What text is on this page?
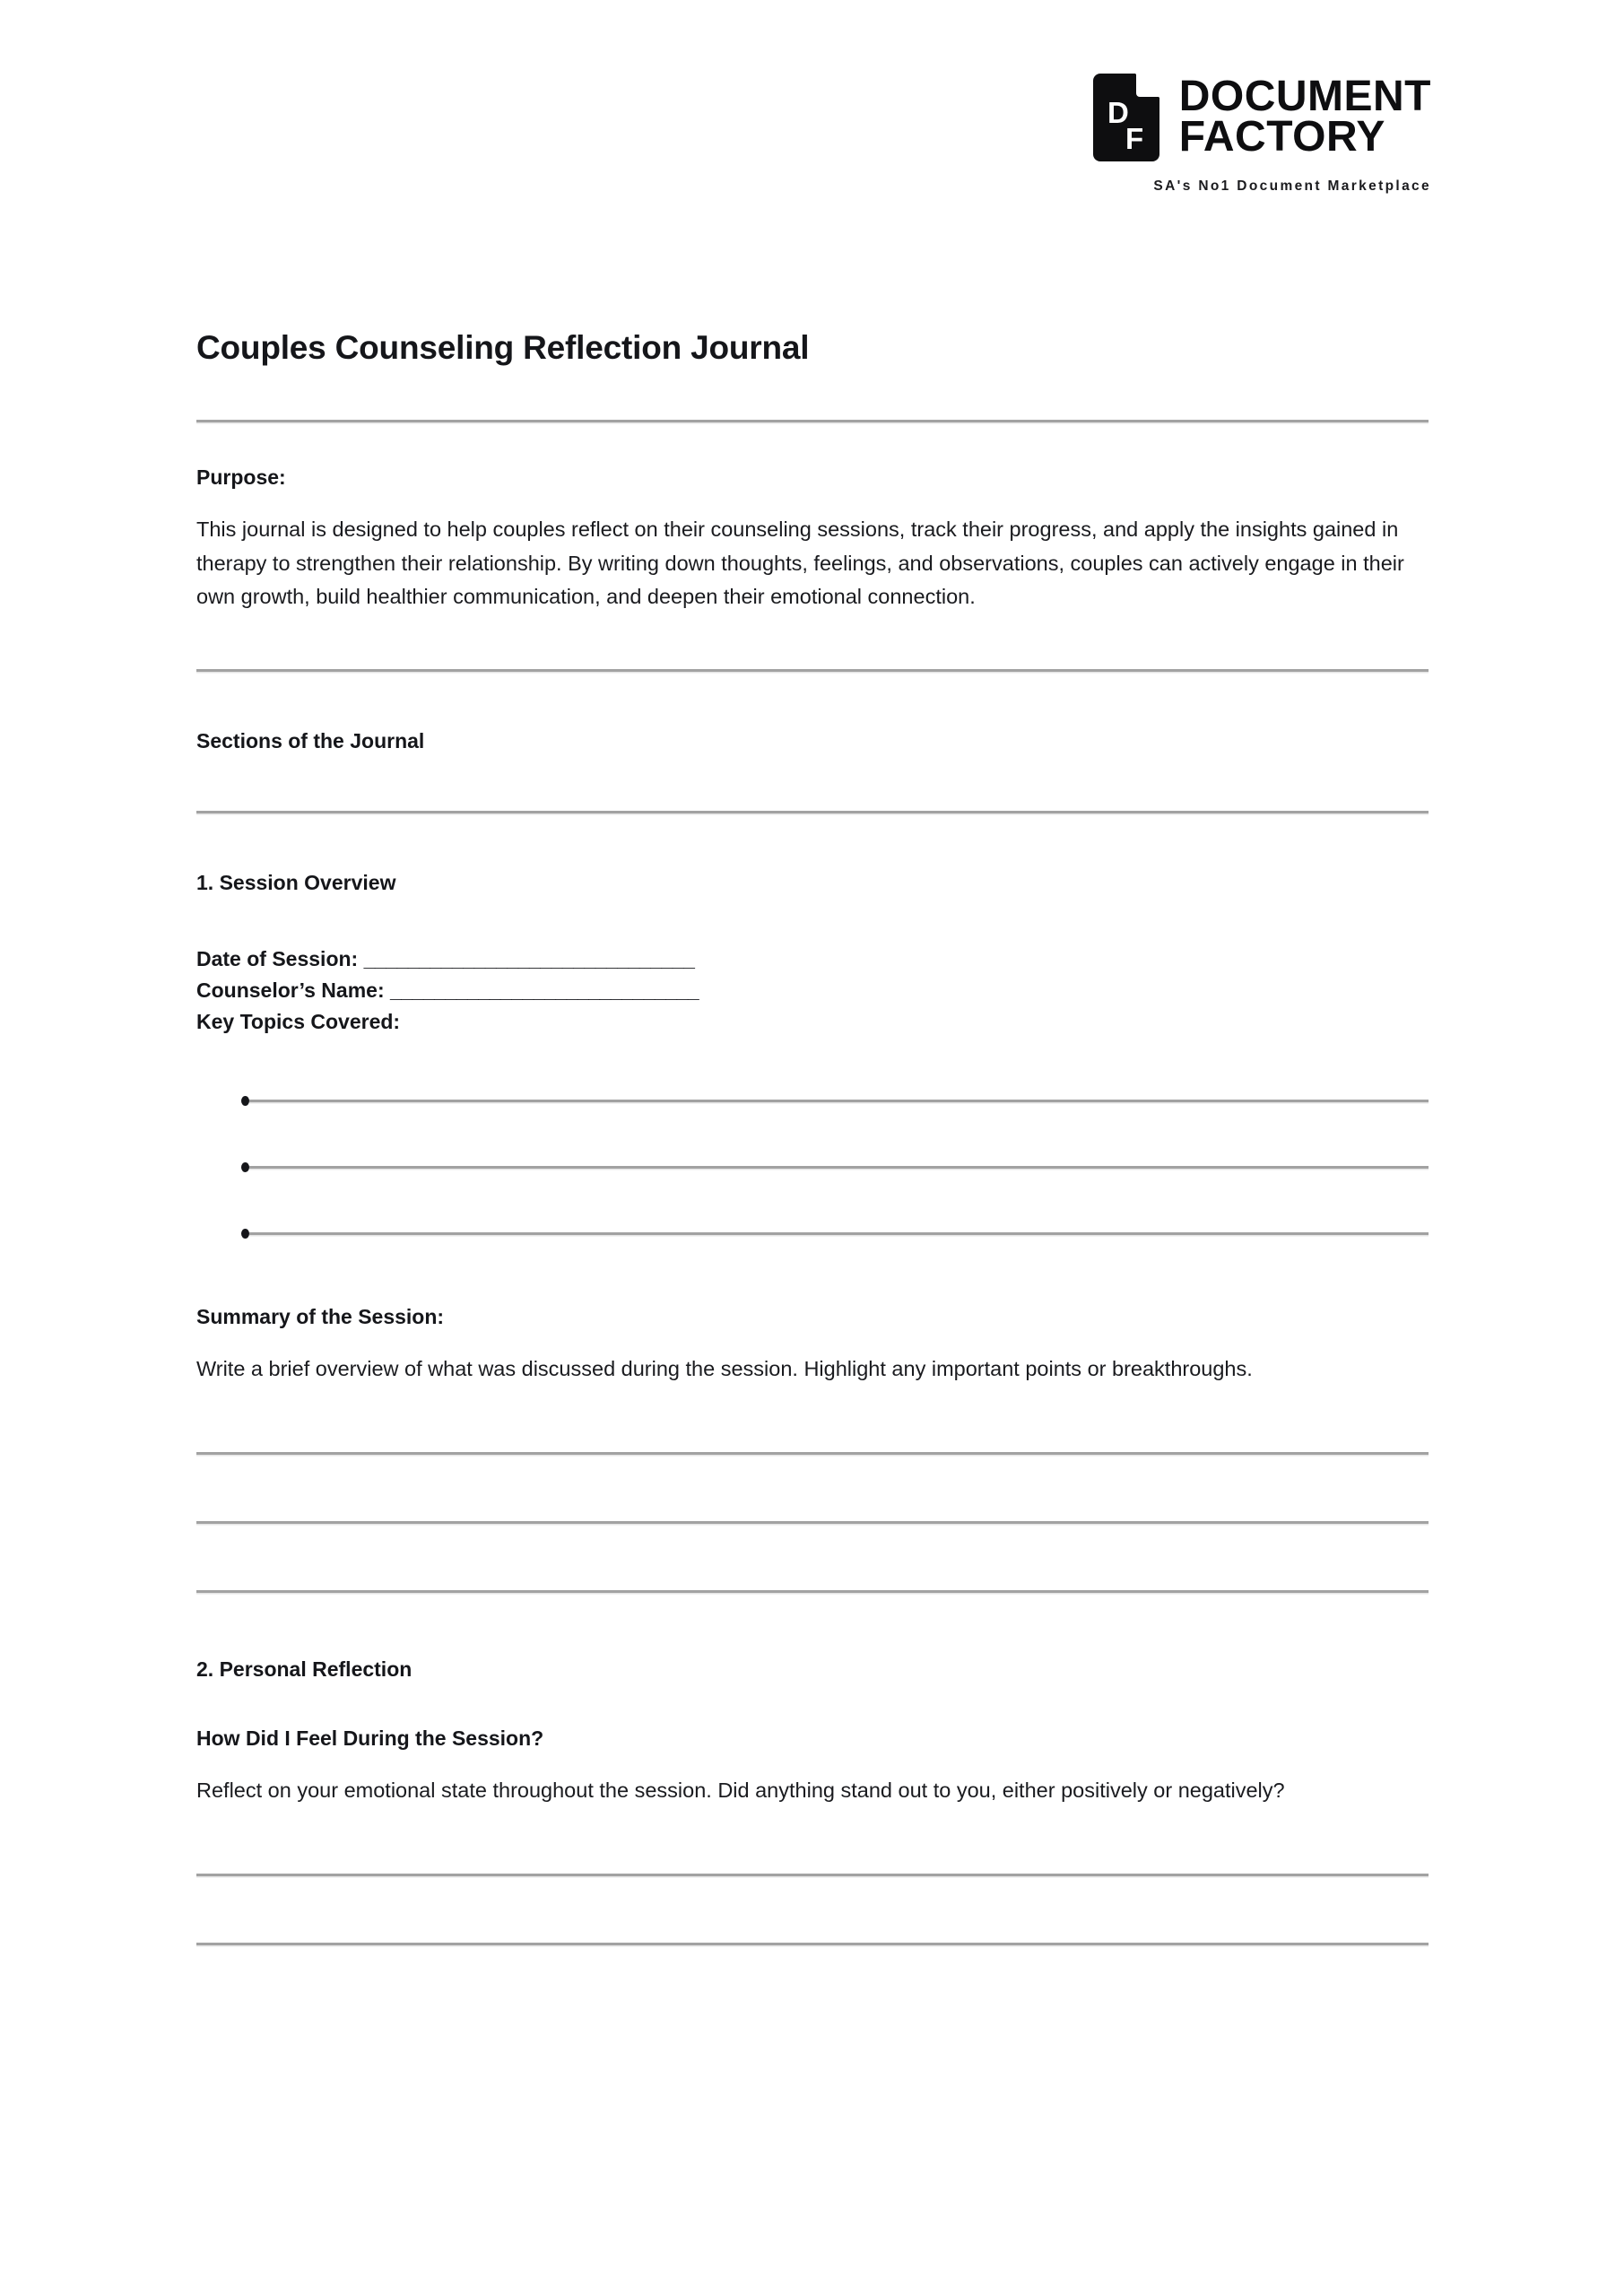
D
F
DOCUMENT
FACTORY
SA's No1 Document Marketplace
Couples Counseling Reflection Journal

Purpose:

This journal is designed to help couples reflect on their counseling sessions, track their progress, and apply the insights gained in therapy to strengthen their relationship. By writing down thoughts, feelings, and observations, couples can actively engage in their own growth, build healthier communication, and deepen their emotional connection.

Sections of the Journal

1. Session Overview

Date of Session: ______________________________

Counselor’s Name: ____________________________

Key Topics Covered:

Summary of the Session:

Write a brief overview of what was discussed during the session. Highlight any important points or breakthroughs.

2. Personal Reflection

How Did I Feel During the Session?

Reflect on your emotional state throughout the session. Did anything stand out to you, either positively or negatively?
